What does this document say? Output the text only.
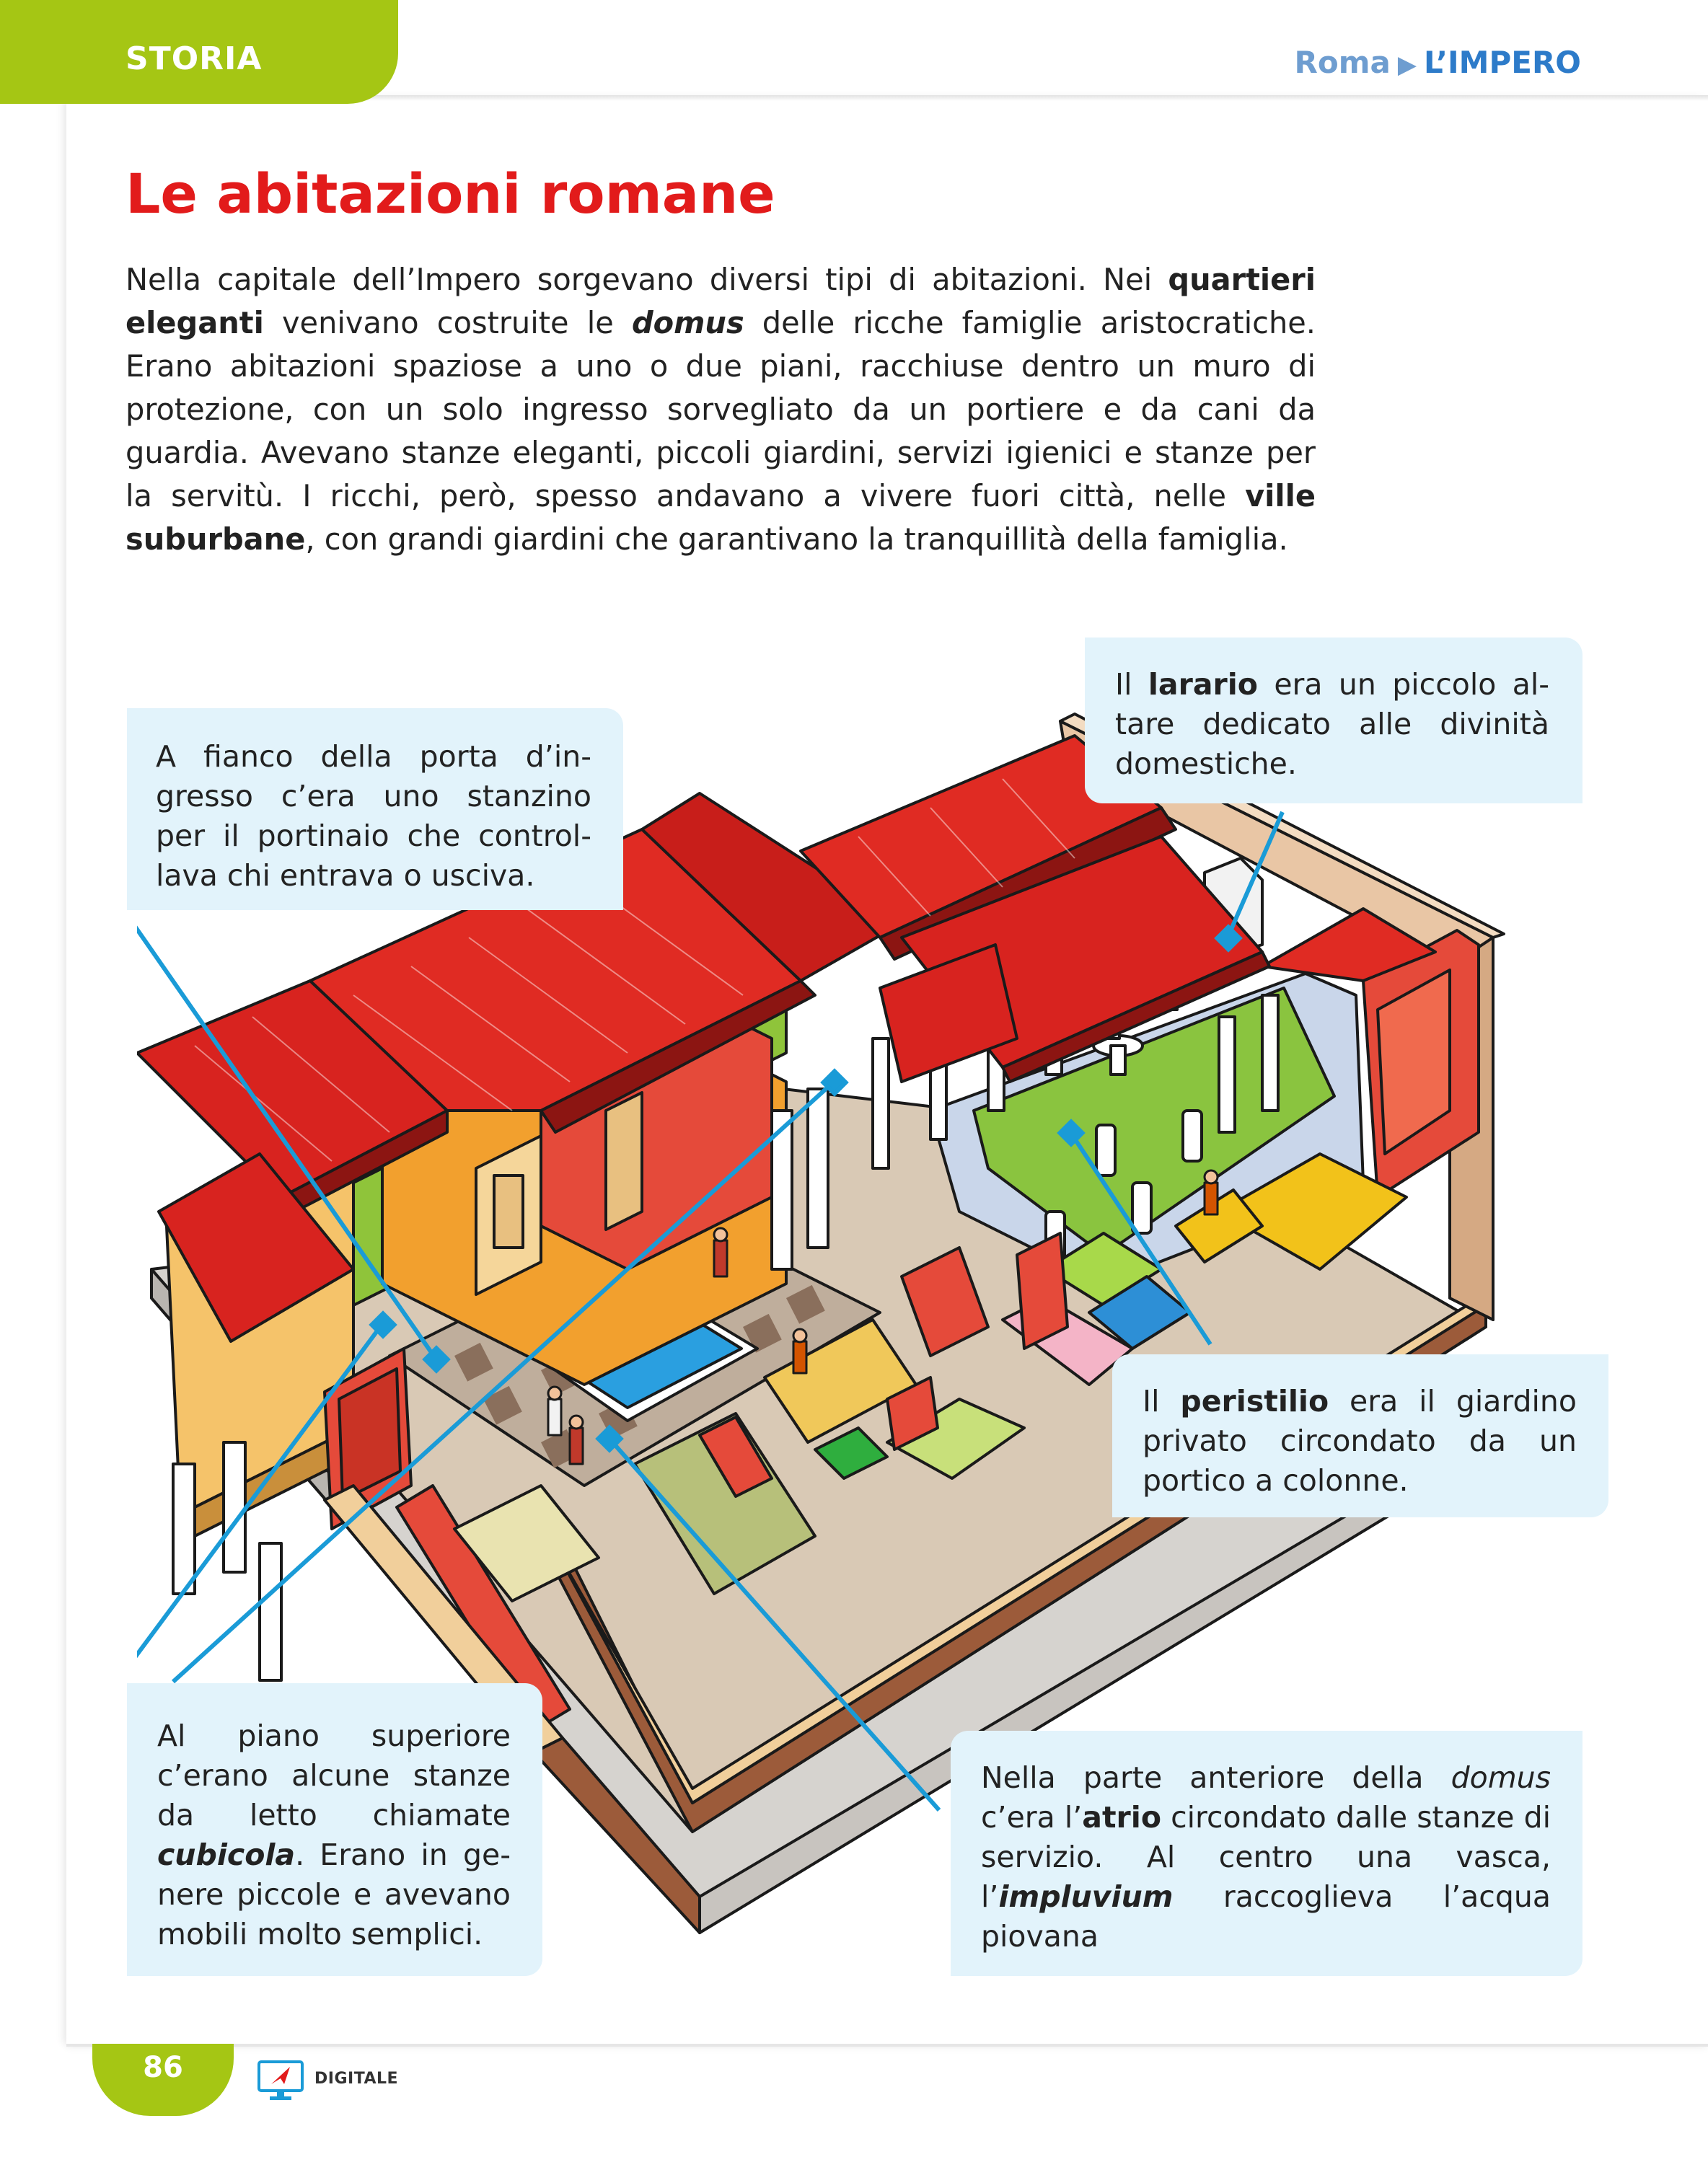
STORIA	Roma ▶ L’IMPERO
Le abitazioni romane

Nella capitale dell’Impero sorgevano diversi tipi di abitazioni. Nei quartieri eleganti venivano costruite le domus delle ricche famiglie aristocratiche. Erano abitazioni spaziose a uno o due piani, racchiuse dentro un muro di protezione, con un solo ingresso sorvegliato da un portiere e da cani da guardia. Avevano stanze eleganti, piccoli giardini, servizi igienici e stanze per la servitù. I ricchi, però, spesso andavano a vivere fuori città, nelle ville suburbane, con grandi giardini che garantivano la tranquillità della famiglia.

A fianco della porta d’ingresso c’era uno stanzino per il portinaio che controllava chi entrava o usciva.
Il larario era un piccolo altare dedicato alle divinità domestiche.
Il peristilio era il giardino privato circondato da un portico a colonne.
Al piano superiore c’erano alcune stanze da letto chiamate cubicola. Erano in genere piccole e avevano mobili molto semplici.
Nella parte anteriore della domus c’era l’atrio circondato dalle stanze di servizio. Al centro una vasca, l’impluvium raccoglieva l’acqua piovana
86	DIGITALE
